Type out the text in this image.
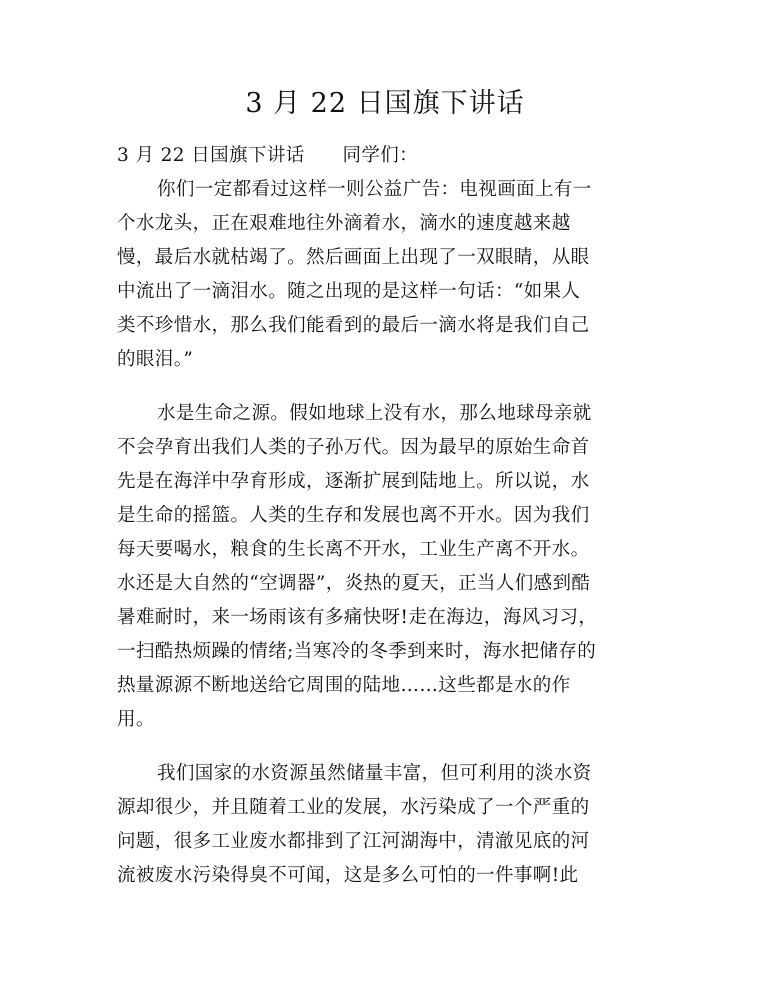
3 月 22 日国旗下讲话
3 月 22 日国旗下讲话　　同学们：
你们一定都看过这样一则公益广告：电视画面上有一
个水龙头，正在艰难地往外滴着水，滴水的速度越来越
慢，最后水就枯竭了。然后画面上出现了一双眼睛，从眼
中流出了一滴泪水。随之出现的是这样一句话：“如果人
类不珍惜水，那么我们能看到的最后一滴水将是我们自己
的眼泪。”
水是生命之源。假如地球上没有水，那么地球母亲就
不会孕育出我们人类的子孙万代。因为最早的原始生命首
先是在海洋中孕育形成，逐渐扩展到陆地上。所以说，水
是生命的摇篮。人类的生存和发展也离不开水。因为我们
每天要喝水，粮食的生长离不开水，工业生产离不开水。
水还是大自然的“空调器”，炎热的夏天，正当人们感到酷
暑难耐时，来一场雨该有多痛快呀!走在海边，海风习习，
一扫酷热烦躁的情绪;当寒冷的冬季到来时，海水把储存的
热量源源不断地送给它周围的陆地……这些都是水的作
用。
我们国家的水资源虽然储量丰富，但可利用的淡水资
源却很少，并且随着工业的发展，水污染成了一个严重的
问题，很多工业废水都排到了江河湖海中，清澈见底的河
流被废水污染得臭不可闻，这是多么可怕的一件事啊!此
